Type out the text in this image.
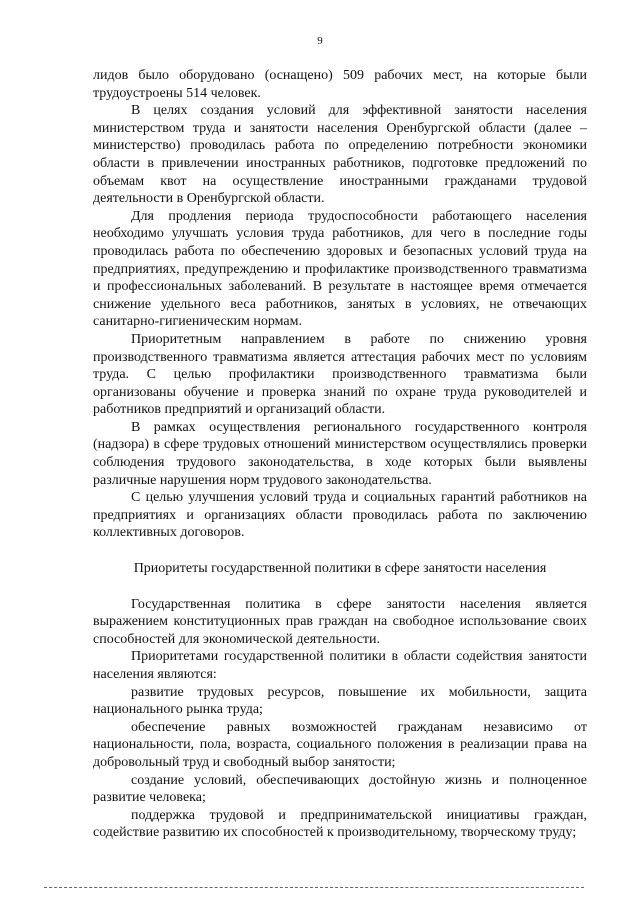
9

лидов было оборудовано (оснащено) 509 рабочих мест, на которые были трудоустроены 514 человек.

В целях создания условий для эффективной занятости населения министерством труда и занятости населения Оренбургской области (далее – министерство) проводилась работа по определению потребности экономики области в привлечении иностранных работников, подготовке предложений по объемам квот на осуществление иностранными гражданами трудовой деятельности в Оренбургской области.

Для продления периода трудоспособности работающего населения необходимо улучшать условия труда работников, для чего в последние годы проводилась работа по обеспечению здоровых и безопасных условий труда на предприятиях, предупреждению и профилактике производственного травматизма и профессиональных заболеваний. В результате в настоящее время отмечается снижение удельного веса работников, занятых в условиях, не отвечающих санитарно-гигиеническим нормам.

Приоритетным направлением в работе по снижению уровня производственного травматизма является аттестация рабочих мест по условиям труда. С целью профилактики производственного травматизма были организованы обучение и проверка знаний по охране труда руководителей и работников предприятий и организаций области.

В рамках осуществления регионального государственного контроля (надзора) в сфере трудовых отношений министерством осуществлялись проверки соблюдения трудового законодательства, в ходе которых были выявлены различные нарушения норм трудового законодательства.

С целью улучшения условий труда и социальных гарантий работников на предприятиях и организациях области проводилась работа по заключению коллективных договоров.

Приоритеты государственной политики в сфере занятости населения

Государственная политика в сфере занятости населения является выражением конституционных прав граждан на свободное использование своих способностей для экономической деятельности.

Приоритетами государственной политики в области содействия занятости населения являются:

развитие трудовых ресурсов, повышение их мобильности, защита национального рынка труда;

обеспечение равных возможностей гражданам независимо от национальности, пола, возраста, социального положения в реализации права на добровольный труд и свободный выбор занятости;

создание условий, обеспечивающих достойную жизнь и полноценное развитие человека;

поддержка трудовой и предпринимательской инициативы граждан, содействие развитию их способностей к производительному, творческому труду;
